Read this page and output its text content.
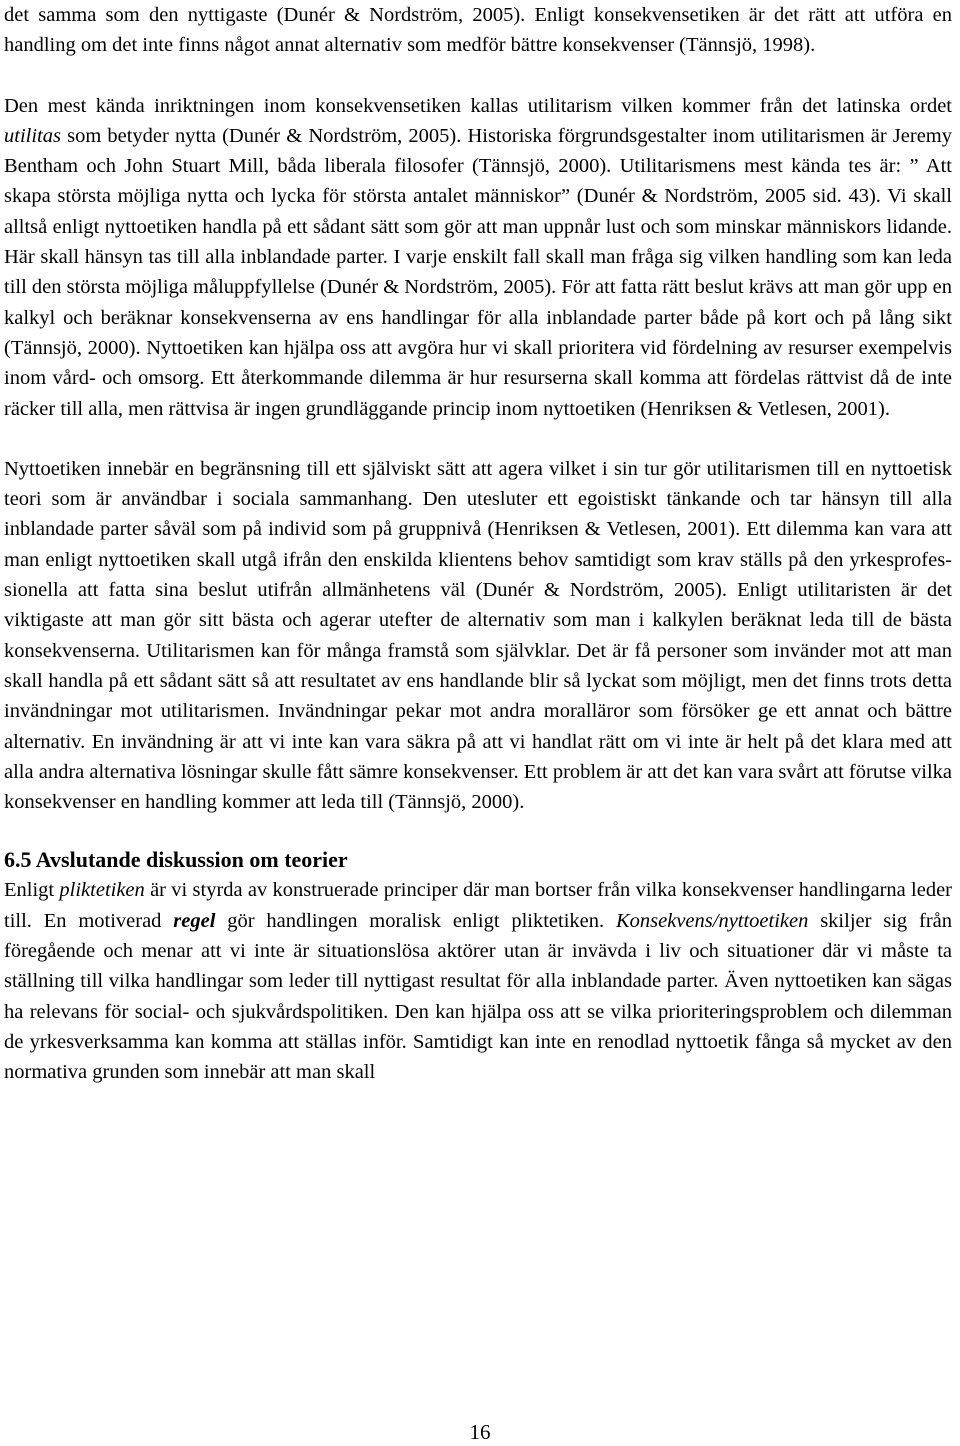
det samma som den nyttigaste (Dunér & Nordström, 2005). Enligt konsekvensetiken är det rätt att utföra en handling om det inte finns något annat alternativ som medför bättre konsekvenser (Tännsjö, 1998).

Den mest kända inriktningen inom konsekvensetiken kallas utilitarism vilken kommer från det latinska ordet utilitas som betyder nytta (Dunér & Nordström, 2005). Historiska förgrundsgestalter inom utilitarismen är Jeremy Bentham och John Stuart Mill, båda liberala filosofer (Tännsjö, 2000). Utilitarismens mest kända tes är: ” Att skapa största möjliga nytta och lycka för största antalet människor” (Dunér & Nordström, 2005 sid. 43). Vi skall alltså enligt nyttoetiken handla på ett sådant sätt som gör att man uppnår lust och som minskar människors lidande. Här skall hänsyn tas till alla inblandade parter. I varje enskilt fall skall man fråga sig vilken handling som kan leda till den största möjliga måluppfyllelse (Dunér & Nordström, 2005). För att fatta rätt beslut krävs att man gör upp en kalkyl och beräknar konsekvenserna av ens handlingar för alla inblandade parter både på kort och på lång sikt (Tännsjö, 2000). Nyttoetiken kan hjälpa oss att avgöra hur vi skall prioritera vid fördelning av resurser exempelvis inom vård- och omsorg. Ett återkommande dilemma är hur resurserna skall komma att fördelas rättvist då de inte räcker till alla, men rättvisa är ingen grundläggande princip inom nyttoetiken (Henriksen & Vetlesen, 2001).

Nyttoetiken innebär en begränsning till ett själviskt sätt att agera vilket i sin tur gör utilitarismen till en nyttoetisk teori som är användbar i sociala sammanhang. Den utesluter ett egoistiskt tänkande och tar hänsyn till alla inblandade parter såväl som på individ som på gruppnivå (Henriksen & Vetlesen, 2001). Ett dilemma kan vara att man enligt nyttoetiken skall utgå ifrån den enskilda klientens behov samtidigt som krav ställs på den yrkesprofessionella att fatta sina beslut utifrån allmänhetens väl (Dunér & Nordström, 2005). Enligt utilitaristen är det viktigaste att man gör sitt bästa och agerar utefter de alternativ som man i kalkylen beräknat leda till de bästa konsekvenserna. Utilitarismen kan för många framstå som självklar. Det är få personer som invänder mot att man skall handla på ett sådant sätt så att resultatet av ens handlande blir så lyckat som möjligt, men det finns trots detta invändningar mot utilitarismen. Invändningar pekar mot andra moralläror som försöker ge ett annat och bättre alternativ. En invändning är att vi inte kan vara säkra på att vi handlat rätt om vi inte är helt på det klara med att alla andra alternativa lösningar skulle fått sämre konsekvenser. Ett problem är att det kan vara svårt att förutse vilka konsekvenser en handling kommer att leda till (Tännsjö, 2000).

6.5 Avslutande diskussion om teorier

Enligt pliktetiken är vi styrda av konstruerade principer där man bortser från vilka konsekvenser handlingarna leder till. En motiverad regel gör handlingen moralisk enligt pliktetiken. Konsekvens/nyttoetiken skiljer sig från föregående och menar att vi inte är situationslösa aktörer utan är invävda i liv och situationer där vi måste ta ställning till vilka handlingar som leder till nyttigast resultat för alla inblandade parter. Även nyttoetiken kan sägas ha relevans för social- och sjukvårdspolitiken. Den kan hjälpa oss att se vilka prioriteringsproblem och dilemman de yrkesverksamma kan komma att ställas inför. Samtidigt kan inte en renodlad nyttoetik fånga så mycket av den normativa grunden som innebär att man skall

16
